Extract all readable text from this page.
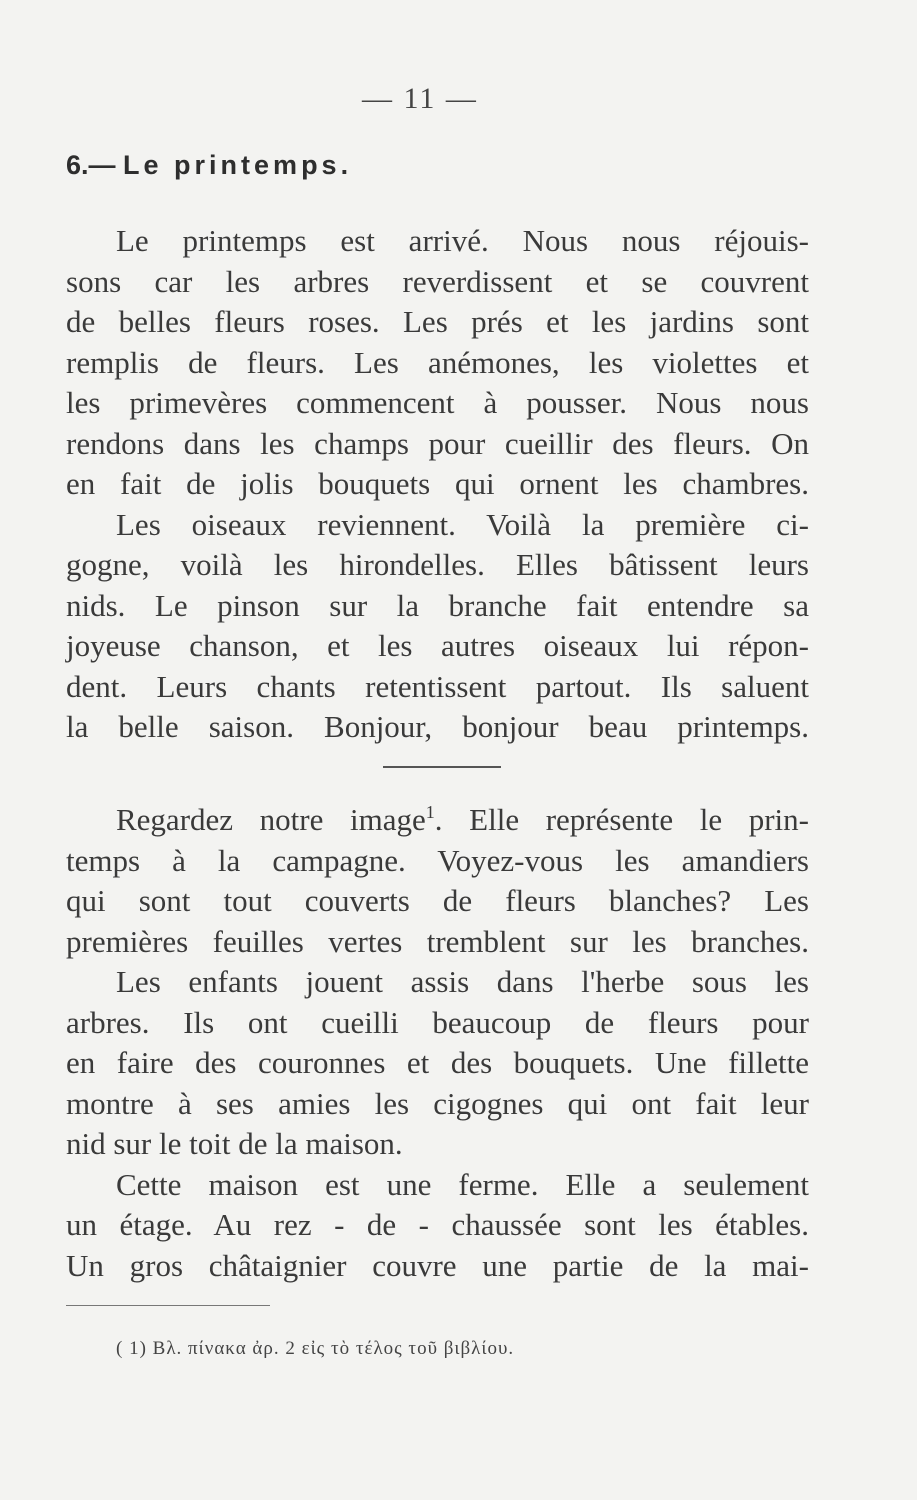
— 11 —
6.— Le printemps.
Le printemps est arrivé. Nous nous réjouis-
sons car les arbres reverdissent et se couvrent
de belles fleurs roses. Les prés et les jardins sont
remplis de fleurs. Les anémones, les violettes et
les primevères commencent à pousser. Nous nous
rendons dans les champs pour cueillir des fleurs. On
en fait de jolis bouquets qui ornent les chambres.
Les oiseaux reviennent. Voilà la première ci-
gogne, voilà les hirondelles. Elles bâtissent leurs
nids. Le pinson sur la branche fait entendre sa
joyeuse chanson, et les autres oiseaux lui répon-
dent. Leurs chants retentissent partout. Ils saluent
la belle saison. Bonjour, bonjour beau printemps.
Regardez notre image$^1$. Elle représente le prin-
temps à la campagne. Voyez-vous les amandiers
qui sont tout couverts de fleurs blanches? Les
premières feuilles vertes tremblent sur les branches.
Les enfants jouent assis dans l'herbe sous les
arbres. Ils ont cueilli beaucoup de fleurs pour
en faire des couronnes et des bouquets. Une fillette
montre à ses amies les cigognes qui ont fait leur
nid sur le toit de la maison.
Cette maison est une ferme. Elle a seulement
un étage. Au rez - de - chaussée sont les étables.
Un gros châtaignier couvre une partie de la mai-
( 1) Βλ. πίνακα ἀρ. 2 εἰς τὸ τέλος τοῦ βιβλίου.
